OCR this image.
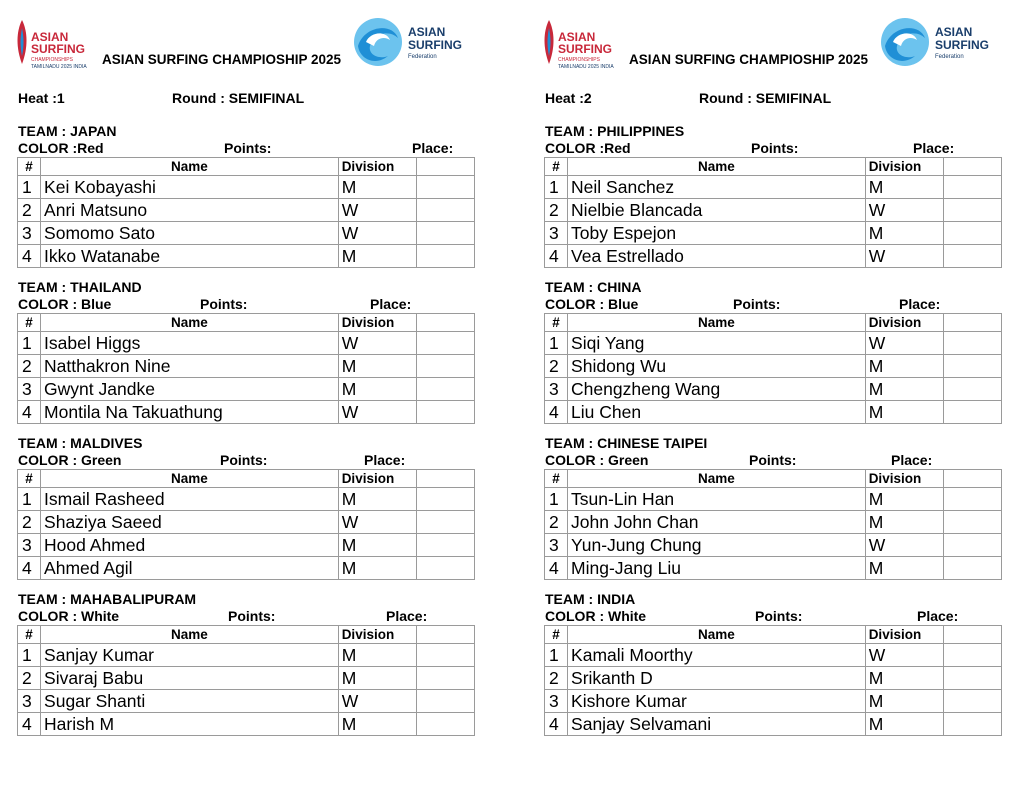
ASIAN
SURFING
CHAMPIONSHIPS
TAMILNADU 2025 INDIA ASIAN SURFING CHAMPIOSHIP 2025
ASIAN
SURFING
Federation
Heat :1	Round : SEMIFINAL
TEAM : JAPAN
COLOR :Red	Points:	Place:
#	Name	Division	
1	Kei Kobayashi	M	
2	Anri Matsuno	W	
3	Somomo Sato	W	
4	Ikko Watanabe	M	
TEAM : THAILAND
COLOR : Blue	Points:	Place:
#	Name	Division	
1	Isabel Higgs	W	
2	Natthakron Nine	M	
3	Gwynt Jandke	M	
4	Montila Na Takuathung	W	
TEAM : MALDIVES
COLOR : Green	Points:	Place:
#	Name	Division	
1	Ismail Rasheed	M	
2	Shaziya Saeed	W	
3	Hood Ahmed	M	
4	Ahmed Agil	M	
TEAM : MAHABALIPURAM
COLOR : White	Points:	Place:
#	Name	Division	
1	Sanjay Kumar	M	
2	Sivaraj Babu	M	
3	Sugar Shanti	W	
4	Harish M	M	
ASIAN
SURFING
CHAMPIONSHIPS
TAMILNADU 2025 INDIA ASIAN SURFING CHAMPIOSHIP 2025
ASIAN
SURFING
Federation
Heat :2	Round : SEMIFINAL
TEAM : PHILIPPINES
COLOR :Red	Points:	Place:
#	Name	Division	
1	Neil Sanchez	M	
2	Nielbie Blancada	W	
3	Toby Espejon	M	
4	Vea Estrellado	W	
TEAM : CHINA
COLOR : Blue	Points:	Place:
#	Name	Division	
1	Siqi Yang	W	
2	Shidong Wu	M	
3	Chengzheng Wang	M	
4	Liu Chen	M	
TEAM : CHINESE TAIPEI
COLOR : Green	Points:	Place:
#	Name	Division	
1	Tsun-Lin Han	M	
2	John John Chan	M	
3	Yun-Jung Chung	W	
4	Ming-Jang Liu	M	
TEAM : INDIA
COLOR : White	Points:	Place:
#	Name	Division	
1	Kamali Moorthy	W	
2	Srikanth D	M	
3	Kishore Kumar	M	
4	Sanjay Selvamani	M	
